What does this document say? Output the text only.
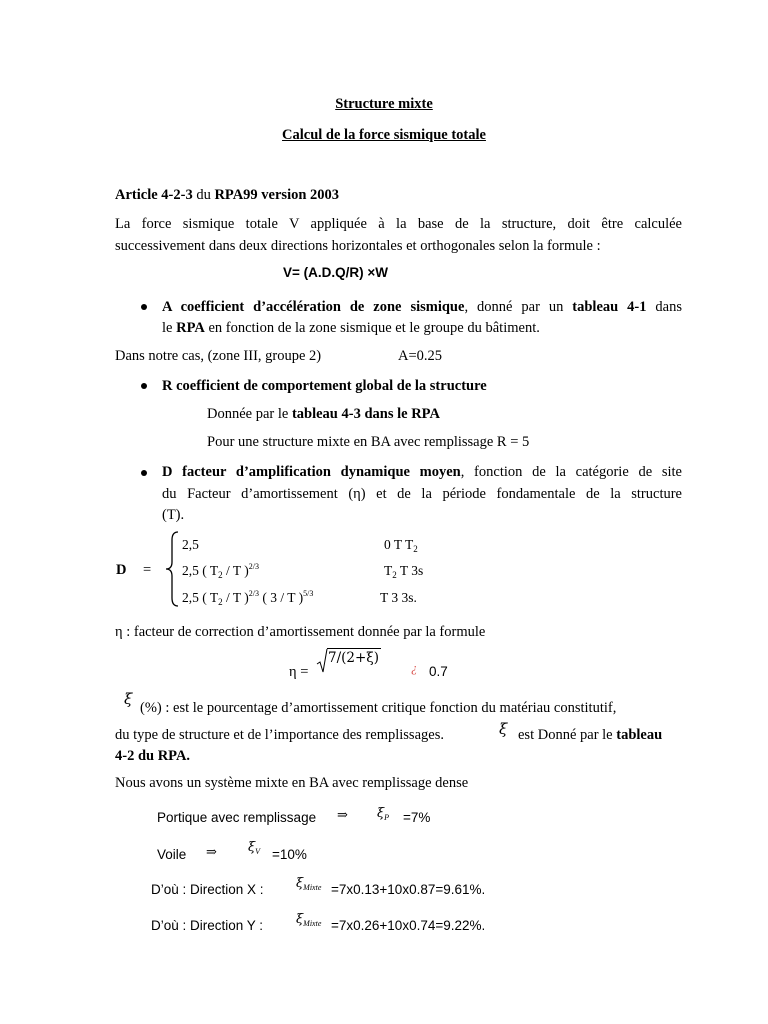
Structure mixte
Calcul de la force sismique totale
Article 4-2-3 du RPA99 version 2003
La force sismique totale V appliquée à la base de la structure, doit être calculée
successivement dans deux directions horizontales et orthogonales selon la formule :
V= (A.D.Q/R) ×W
A coefficient d’accélération de zone sismique, donné par un tableau 4-1 dans
le RPA en fonction de la zone sismique et le groupe du bâtiment.
Dans notre cas, (zone III, groupe 2)	A=0.25
R coefficient de comportement global de la structure
Donnée par le tableau 4-3 dans le RPA
Pour une structure mixte en BA avec remplissage R = 5
D facteur d’amplification dynamique moyen, fonction de la catégorie de site
du Facteur d’amortissement (η) et de la période fondamentale de la structure
(T).
D =
2,5	0 T $T_2$
2,5 ( $T_2$ / T )$^{2/3}$	$T_2$ T 3s
2,5 ( $T_2$ / T )$^{2/3}$ ( 3 / T )$^{5/3}$	T 3 3s.
η : facteur de correction d’amortissement donnée par la formule
η =
7/(2+ξ)
¿ 0.7
ξ (%) : est le pourcentage d’amortissement critique fonction du matériau constitutif,
du type de structure et de l’importance des remplissages.	ξ est Donné par le tableau
4-2 du RPA.
Nous avons un système mixte en BA avec remplissage dense
Portique avec remplissage ⇒ $\xi_P =7\%$
Voile ⇒ $\xi_V =10\%$
D’où : Direction X : $\xi_{Mixte} =7x0.13+10x0.87=9.61\%$.
D’où : Direction Y :	$\xi_{Mixte} =7x0.26+10x0.74=9.22\%$.
